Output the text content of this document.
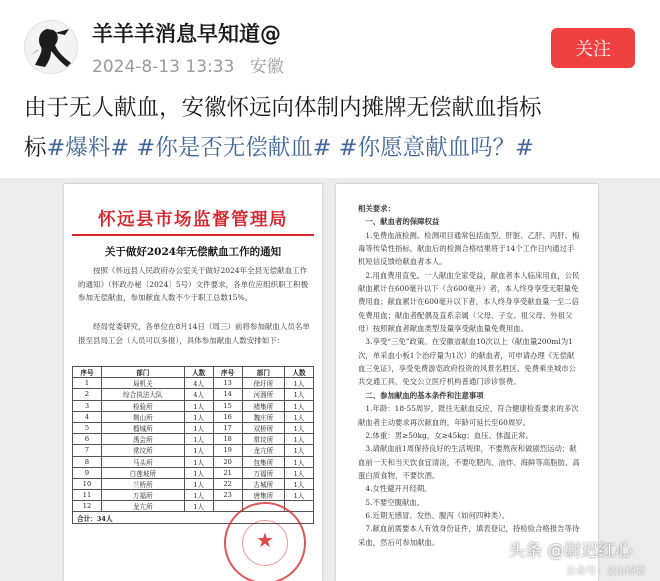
羊羊羊消息早知道@
2024-8-13 13:33 安徽
关注
由于无人献血，安徽怀远向体制内摊牌无偿献血指标
标#爆料# #你是否无偿献血# #你愿意献血吗？#
怀远县市场监督管理局
关于做好2024年无偿献血工作的通知
按照《怀远县人民政府办公室关于做好2024年全县无偿献血工作的通知》（怀政办秘〔2024〕5号）文件要求，各单位应组织职工积极参加无偿献血，参加献血人数不少于职工总数15%。
经局党委研究，各单位在8月14日（周三）前将参加献血人员名单报至县局工会（人员可以多报），具体参加献血人数安排如下：
序号	部门	人数	序号	部门	人数
1	局机关	4人	13	徐圩所	1人
2	综合执法大队	4人	14	河溜所	1人
3	检验所	1人	15	褚集所	1人
4	荆山所	1人	16	魏庄所	1人
5	榴城所	1人	17	双桥所	1人
6	禹会所	1人	18	常坟所	1人
7	常坟所	1人	19	龙亢所	1人
8	马头所	1人	20	包集所	1人
9	白莲坡所	1人	21	万福所	1人
10	兰桥所	1人	22	古城所	1人
11	万福所	1人	23	唐集所	1人
12	龙亢所	1人			
合计：34人					
★
相关要求：
一、献血者的保障权益
1.免费血液检测。检测项目通常包括血型、肝脏、乙肝、丙肝、梅毒等传染性指标，献血后的检测合格结果将于14个工作日内通过手机短信反馈给献血者本人。
2.用血费用直免。一人献血全家受益，献血者本人临床用血，公民献血累计在600毫升以下（含600毫升）者，本人终身享受无限量免费用血；献血累计在600毫升以下者，本人终身享受献血量一至二倍免费用血；献血者配偶及直系亲属（父母、子女、祖父母、外祖父母）按照献血者献血类型及量享受献血量免费用血。
3.享受“三免”政策。在安徽省献血10次以上（献血量200ml为1次，单采血小板1个治疗量为1次）的献血者，可申请办理《无偿献血三免证》，享受免费游览政府投资的风景名胜区、免费乘坐城市公共交通工具、免交公立医疗机构普通门诊诊察费。
二、参加献血的基本条件和注意事项
1.年龄：18-55周岁，既往无献血反应、符合健康检查要求的多次献血者主动要求再次献血的，年龄可延长至60周岁。
2.体重：男≥50kg，女≥45kg；血压、体温正常。
3.请献血前1周保持良好的生活规律，不要熬夜和做剧烈运动；献血前一天和当天饮食宜清淡，不要吃肥肉、油炸、海鲜等高脂肪、高蛋白质食物，不要饮酒。
4.女性避开月经期。
5.不要空腹献血。
6.近期无感冒、发热、腹泻（如何四种类）。
7.献血前需要本人有效身份证件，填表登记，持检验合格报告等待采血，然后可参加献血。	头条 @尉迟红心
公众号 · 文山诗话
